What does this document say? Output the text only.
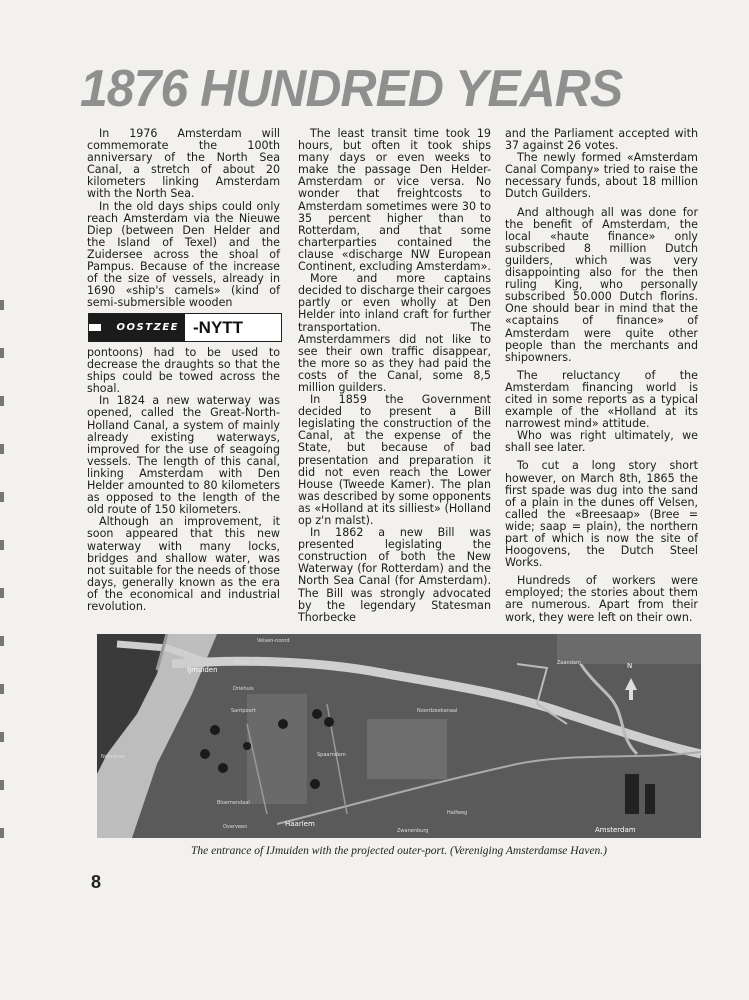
1876 HUNDRED YEARS

In 1976 Amsterdam will commemorate the 100th anniversary of the North Sea Canal, a stretch of about 20 kilometers linking Amsterdam with the North Sea.

In the old days ships could only reach Amsterdam via the Nieuwe Diep (between Den Helder and the Island of Texel) and the Zuidersee across the shoal of Pampus. Because of the increase of the size of vessels, already in 1690 «ship's camels» (kind of semi-submersible wooden

OOSTZEE -NYTT

pontoons) had to be used to decrease the draughts so that the ships could be towed across the shoal.

In 1824 a new waterway was opened, called the Great-North-Holland Canal, a system of mainly already existing waterways, improved for the use of seagoing vessels. The length of this canal, linking Amsterdam with Den Helder amounted to 80 kilometers as opposed to the length of the old route of 150 kilometers.

Although an improvement, it soon appeared that this new waterway with many locks, bridges and shallow water, was not suitable for the needs of those days, generally known as the era of the economical and industrial revolution.

The least transit time took 19 hours, but often it took ships many days or even weeks to make the passage Den Helder-Amsterdam or vice versa. No wonder that freightcosts to Amsterdam sometimes were 30 to 35 percent higher than to Rotterdam, and that some charterparties contained the clause «discharge NW European Continent, excluding Amsterdam».

More and more captains decided to discharge their cargoes partly or even wholly at Den Helder into inland craft for further transportation. The Amsterdammers did not like to see their own traffic disappear, the more so as they had paid the costs of the Canal, some 8,5 million guilders.

In 1859 the Government decided to present a Bill legislating the construction of the Canal, at the expense of the State, but because of bad presentation and preparation it did not even reach the Lower House (Tweede Kamer). The plan was described by some opponents as «Holland at its silliest» (Holland op z'n malst).

In 1862 a new Bill was presented legislating the construction of both the New Waterway (for Rotterdam) and the North Sea Canal (for Amsterdam). The Bill was strongly advocated by the legendary Statesman Thorbecke

and the Parliament accepted with 37 against 26 votes.

The newly formed «Amsterdam Canal Company» tried to raise the necessary funds, about 18 million Dutch Guilders.

And although all was done for the benefit of Amsterdam, the local «haute finance» only subscribed 8 million Dutch guilders, which was very disappointing also for the then ruling King, who personally subscribed 50.000 Dutch florins. One should bear in mind that the «captains of finance» of Amsterdam were quite other people than the merchants and shipowners.

The reluctancy of the Amsterdam financing world is cited in some reports as a typical example of the «Holland at its narrowest mind» attitude.

Who was right ultimately, we shall see later.

To cut a long story short however, on March 8th, 1865 the first spade was dug into the sand of a plain in the dunes off Velsen, called the «Breesaap» (Bree = wide; saap = plain), the northern part of which is now the site of Hoogovens, the Dutch Steel Works.

Hundreds of workers were employed; the stories about them are numerous. Apart from their work, they were left on their own.

Velsen-noord
IJmuiden
Noordzee
Noordzeekanaal
Velsen
Driehuis
Santpoort
Bloemendaal
Overveen	Haarlem
Spaarndam
Halfweg
Zwanenburg	Amsterdam
Zaandam	N
The entrance of IJmuiden with the projected outer-port. (Vereniging Amsterdamse Haven.)
8
